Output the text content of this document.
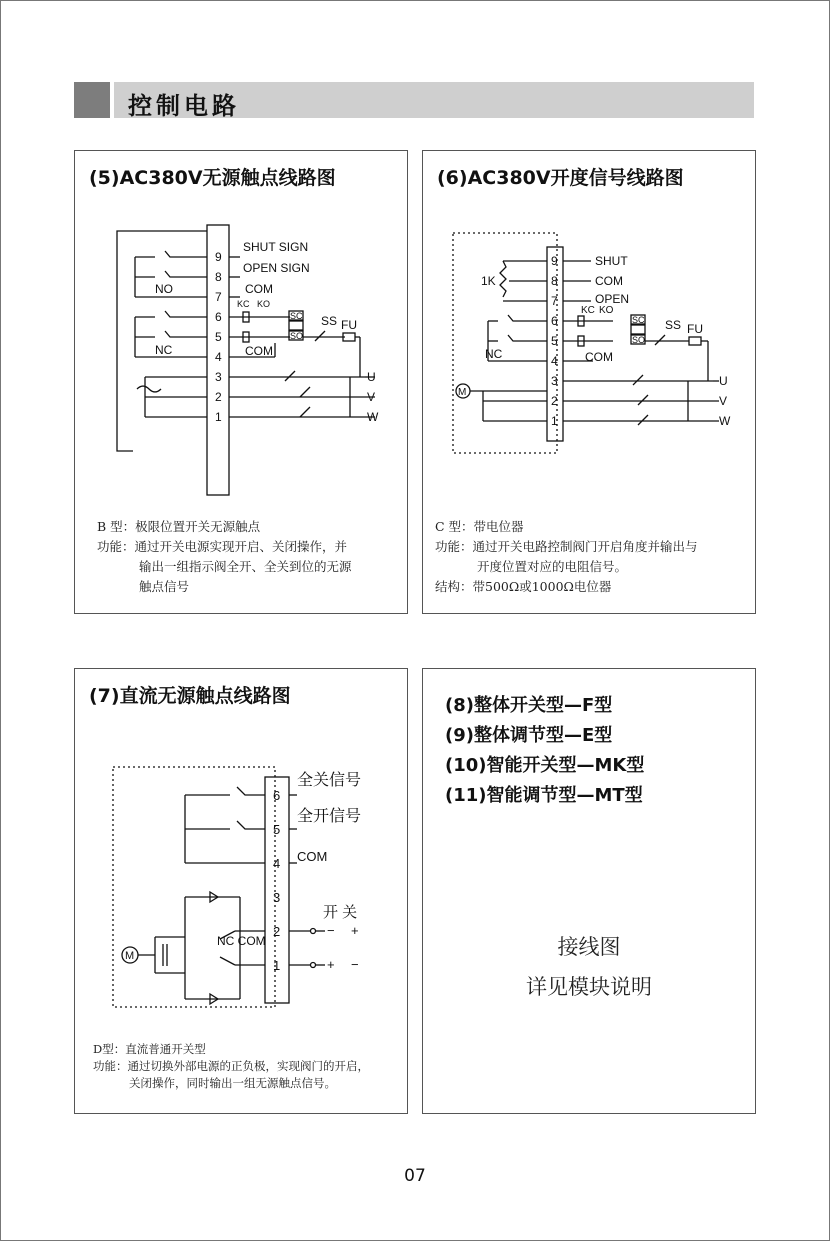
控制电路
(5)AC380V无源触点线路图
9
8
7
6
5
4
3
2
1
SHUT SIGN
OPEN SIGN
COM
COM
NO
NC
KC KO
SC
SO
SS FU
U
V
W
B 型：极限位置开关无源触点
功能：通过开关电源实现开启、关闭操作，并
输出一组指示阀全开、全关到位的无源
触点信号
(6)AC380V开度信号线路图
9
8
7
6
5
4
3
2
1
SHUT
COM
OPEN
COM
1K
NC
M
KC KO
SC
SO
SS FU
U
V
W
C 型：带电位器
功能：通过开关电路控制阀门开启角度并输出与
开度位置对应的电阻信号。
结构：带500Ω或1000Ω电位器
(7)直流无源触点线路图
6
5
4
3
2
1
全关信号
全开信号
COM
开 关
NC COM
M
− +
+ −
D型：直流普通开关型
功能：通过切换外部电源的正负极，实现阀门的开启，
关闭操作，同时输出一组无源触点信号。
(8)整体开关型—F型
(9)整体调节型—E型
(10)智能开关型—MK型
(11)智能调节型—MT型
接线图
详见模块说明
07
